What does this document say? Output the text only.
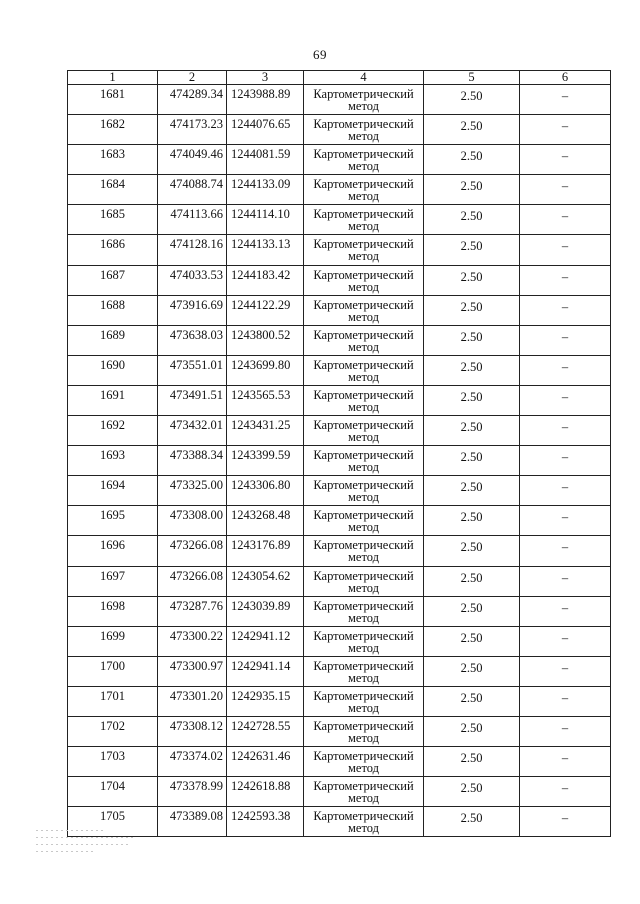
69
1	2	3	4	5	6
1681	474289.34	1243988.89	Картометрический метод	2.50	–
1682	474173.23	1244076.65	Картометрический метод	2.50	–
1683	474049.46	1244081.59	Картометрический метод	2.50	–
1684	474088.74	1244133.09	Картометрический метод	2.50	–
1685	474113.66	1244114.10	Картометрический метод	2.50	–
1686	474128.16	1244133.13	Картометрический метод	2.50	–
1687	474033.53	1244183.42	Картометрический метод	2.50	–
1688	473916.69	1244122.29	Картометрический метод	2.50	–
1689	473638.03	1243800.52	Картометрический метод	2.50	–
1690	473551.01	1243699.80	Картометрический метод	2.50	–
1691	473491.51	1243565.53	Картометрический метод	2.50	–
1692	473432.01	1243431.25	Картометрический метод	2.50	–
1693	473388.34	1243399.59	Картометрический метод	2.50	–
1694	473325.00	1243306.80	Картометрический метод	2.50	–
1695	473308.00	1243268.48	Картометрический метод	2.50	–
1696	473266.08	1243176.89	Картометрический метод	2.50	–
1697	473266.08	1243054.62	Картометрический метод	2.50	–
1698	473287.76	1243039.89	Картометрический метод	2.50	–
1699	473300.22	1242941.12	Картометрический метод	2.50	–
1700	473300.97	1242941.14	Картометрический метод	2.50	–
1701	473301.20	1242935.15	Картометрический метод	2.50	–
1702	473308.12	1242728.55	Картометрический метод	2.50	–
1703	473374.02	1242631.46	Картометрический метод	2.50	–
1704	473378.99	1242618.88	Картометрический метод	2.50	–
1705	473389.08	1242593.38	Картометрический метод	2.50	–
